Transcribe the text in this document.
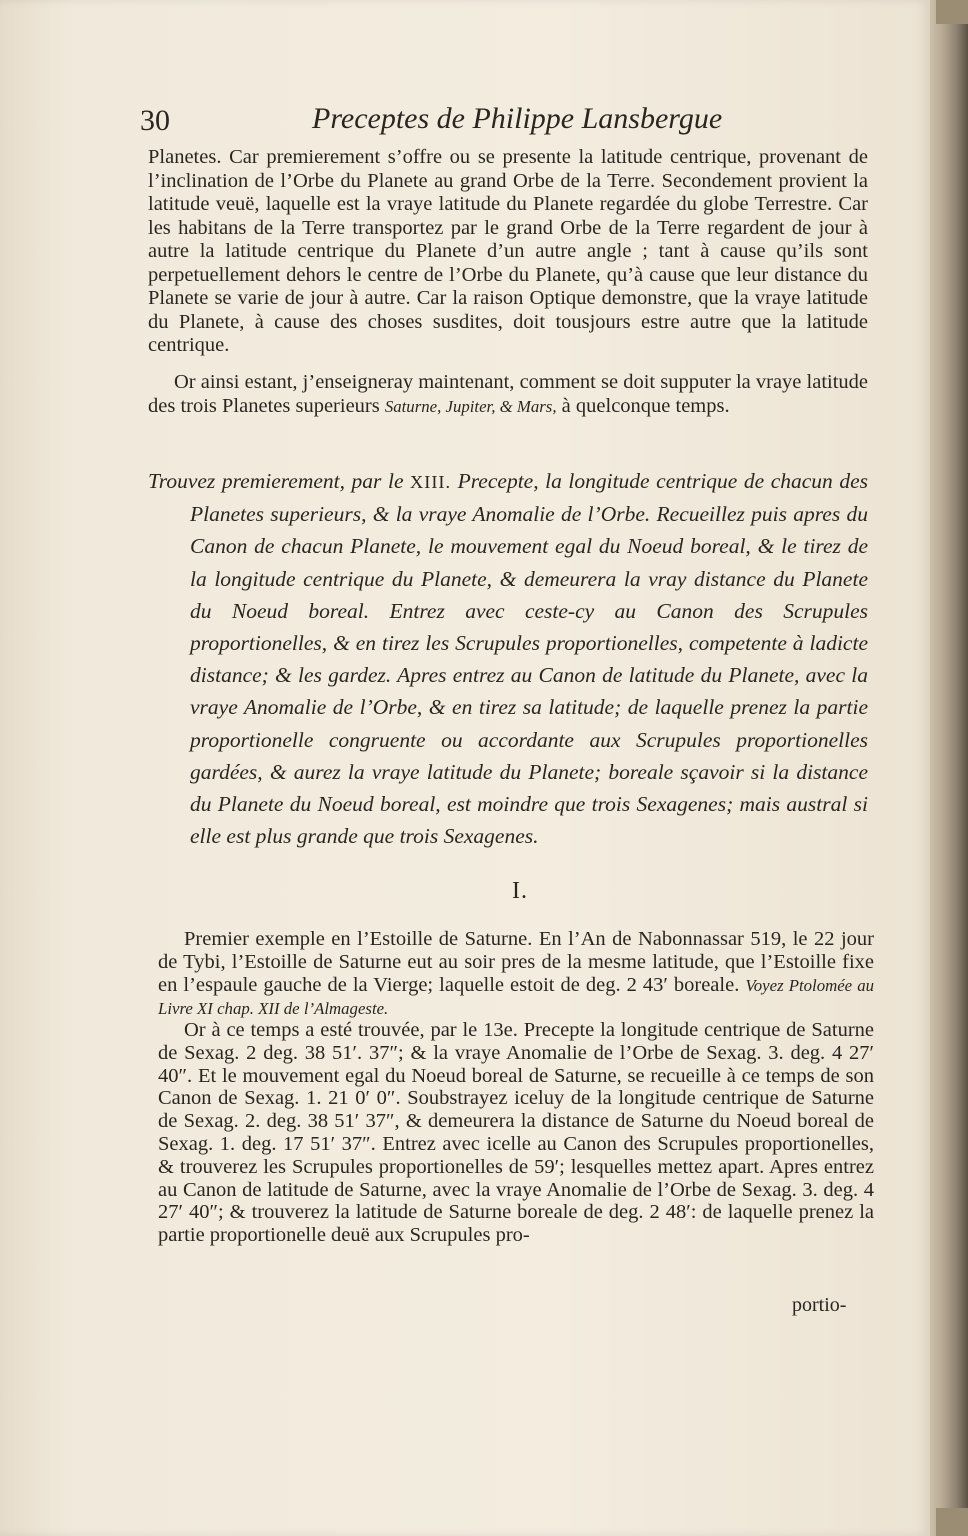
30	Preceptes de Philippe Lansbergue
Planetes. Car premierement s’offre ou se presente la latitude centrique, provenant de l’inclination de l’Orbe du Planete au grand Orbe de la Terre. Secondement provient la latitude veuë, laquelle est la vraye latitude du Planete regardée du globe Terrestre. Car les habitans de la Terre transportez par le grand Orbe de la Terre regardent de jour à autre la latitude centrique du Planete d’un autre angle ; tant à cause qu’ils sont perpetuellement dehors le centre de l’Orbe du Planete, qu’à cause que leur distance du Planete se varie de jour à autre. Car la raison Optique demonstre, que la vraye latitude du Planete, à cause des choses susdites, doit tousjours estre autre que la latitude centrique.
Or ainsi estant, j’enseigneray maintenant, comment se doit supputer la vraye latitude des trois Planetes superieurs Saturne, Jupiter, & Mars, à quelconque temps.
Trouvez premierement, par le XIII. Precepte, la longitude centrique de chacun des Planetes superieurs, & la vraye Anomalie de l’Orbe. Recueillez puis apres du Canon de chacun Planete, le mouvement egal du Noeud boreal, & le tirez de la longitude centrique du Planete, & demeurera la vray distance du Planete du Noeud boreal. Entrez avec ceste-cy au Canon des Scrupules proportionelles, & en tirez les Scrupules proportionelles, competente à ladicte distance; & les gardez. Apres entrez au Canon de latitude du Planete, avec la vraye Anomalie de l’Orbe, & en tirez sa latitude; de laquelle prenez la partie proportionelle congruente ou accordante aux Scrupules proportionelles gardées, & aurez la vraye latitude du Planete; boreale sçavoir si la distance du Planete du Noeud boreal, est moindre que trois Sexagenes; mais austral si elle est plus grande que trois Sexagenes.
I.
Premier exemple en l’Estoille de Saturne. En l’An de Nabonnassar 519, le 22 jour de Tybi, l’Estoille de Saturne eut au soir pres de la mesme latitude, que l’Estoille fixe en l’espaule gauche de la Vierge; laquelle estoit de deg. 2 43′ boreale. Voyez Ptolomée au Livre XI chap. XII de l’Almageste.
Or à ce temps a esté trouvée, par le 13e. Precepte la longitude centrique de Saturne de Sexag. 2 deg. 38 51′. 37″; & la vraye Anomalie de l’Orbe de Sexag. 3. deg. 4 27′ 40″. Et le mouvement egal du Noeud boreal de Saturne, se recueille à ce temps de son Canon de Sexag. 1. 21 0′ 0″. Soubstrayez iceluy de la longitude centrique de Saturne de Sexag. 2. deg. 38 51′ 37″, & demeurera la distance de Saturne du Noeud boreal de Sexag. 1. deg. 17 51′ 37″. Entrez avec icelle au Canon des Scrupules proportionelles, & trouverez les Scrupules proportionelles de 59′; lesquelles mettez apart. Apres entrez au Canon de latitude de Saturne, avec la vraye Anomalie de l’Orbe de Sexag. 3. deg. 4 27′ 40″; & trouverez la latitude de Saturne boreale de deg. 2 48′: de laquelle prenez la partie proportionelle deuë aux Scrupules pro-
portio-
